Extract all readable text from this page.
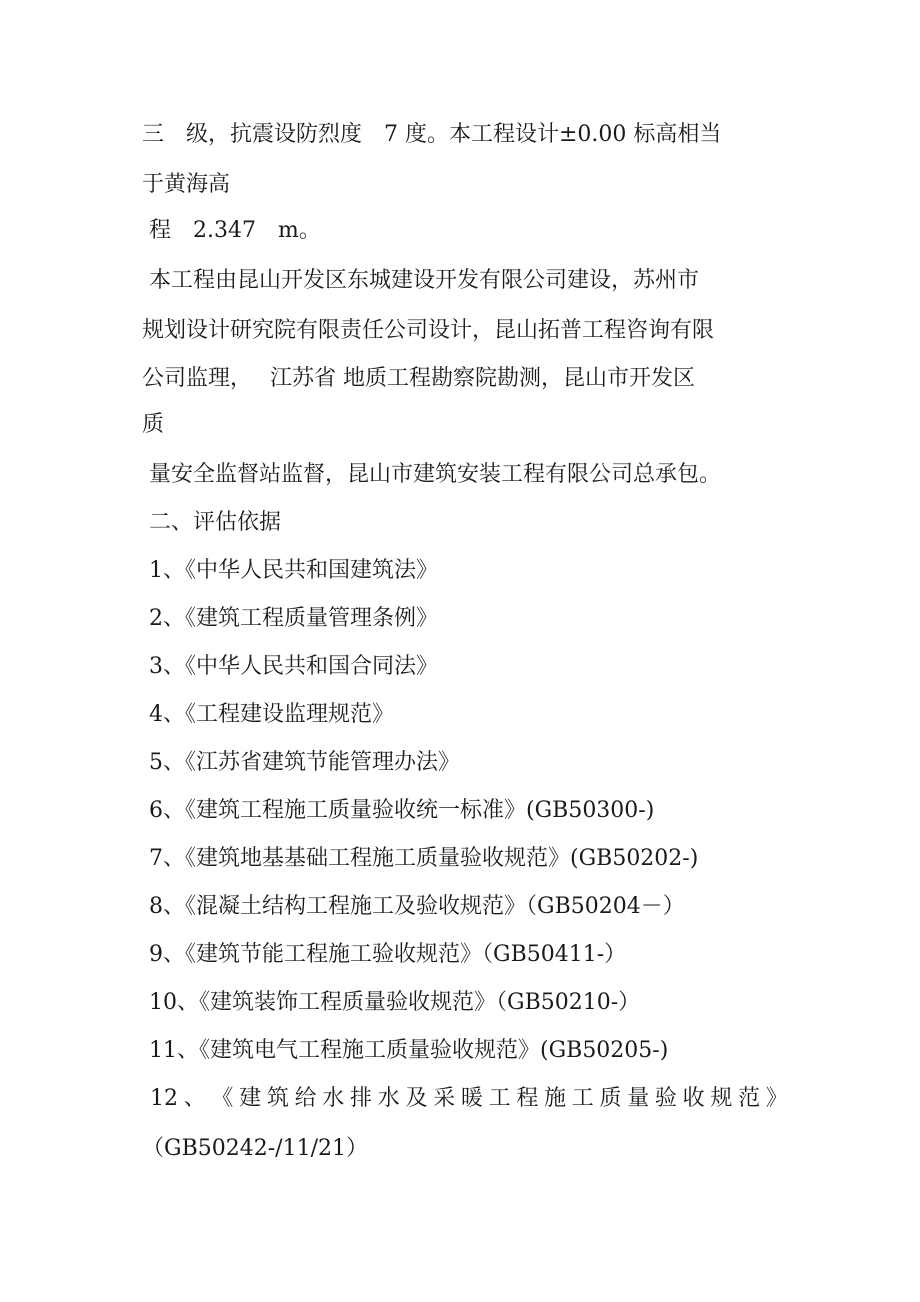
三　级，抗震设防烈度　7 度。本工程设计±0.00 标高相当
于黄海高
程　2.347　m。
本工程由昆山开发区东城建设开发有限公司建设，苏州市
规划设计研究院有限责任公司设计，昆山拓普工程咨询有限
公司监理，　 江苏省 地质工程勘察院勘测，昆山市开发区
质
量安全监督站监督，昆山市建筑安装工程有限公司总承包。
二、评估依据
1、《中华人民共和国建筑法》
2、《建筑工程质量管理条例》
3、《中华人民共和国合同法》
4、《工程建设监理规范》
5、《江苏省建筑节能管理办法》
6、《建筑工程施工质量验收统一标准》(GB50300-)
7、《建筑地基基础工程施工质量验收规范》(GB50202-)
8、《混凝土结构工程施工及验收规范》（GB50204－）
9、《建筑节能工程施工验收规范》（GB50411-）
10、《建筑装饰工程质量验收规范》（GB50210-）
11、《建筑电气工程施工质量验收规范》(GB50205-)
12 、 《 建 筑 给 水 排 水 及 采 暖 工 程 施 工 质 量 验 收 规 范 》
（GB50242-/11/21）
